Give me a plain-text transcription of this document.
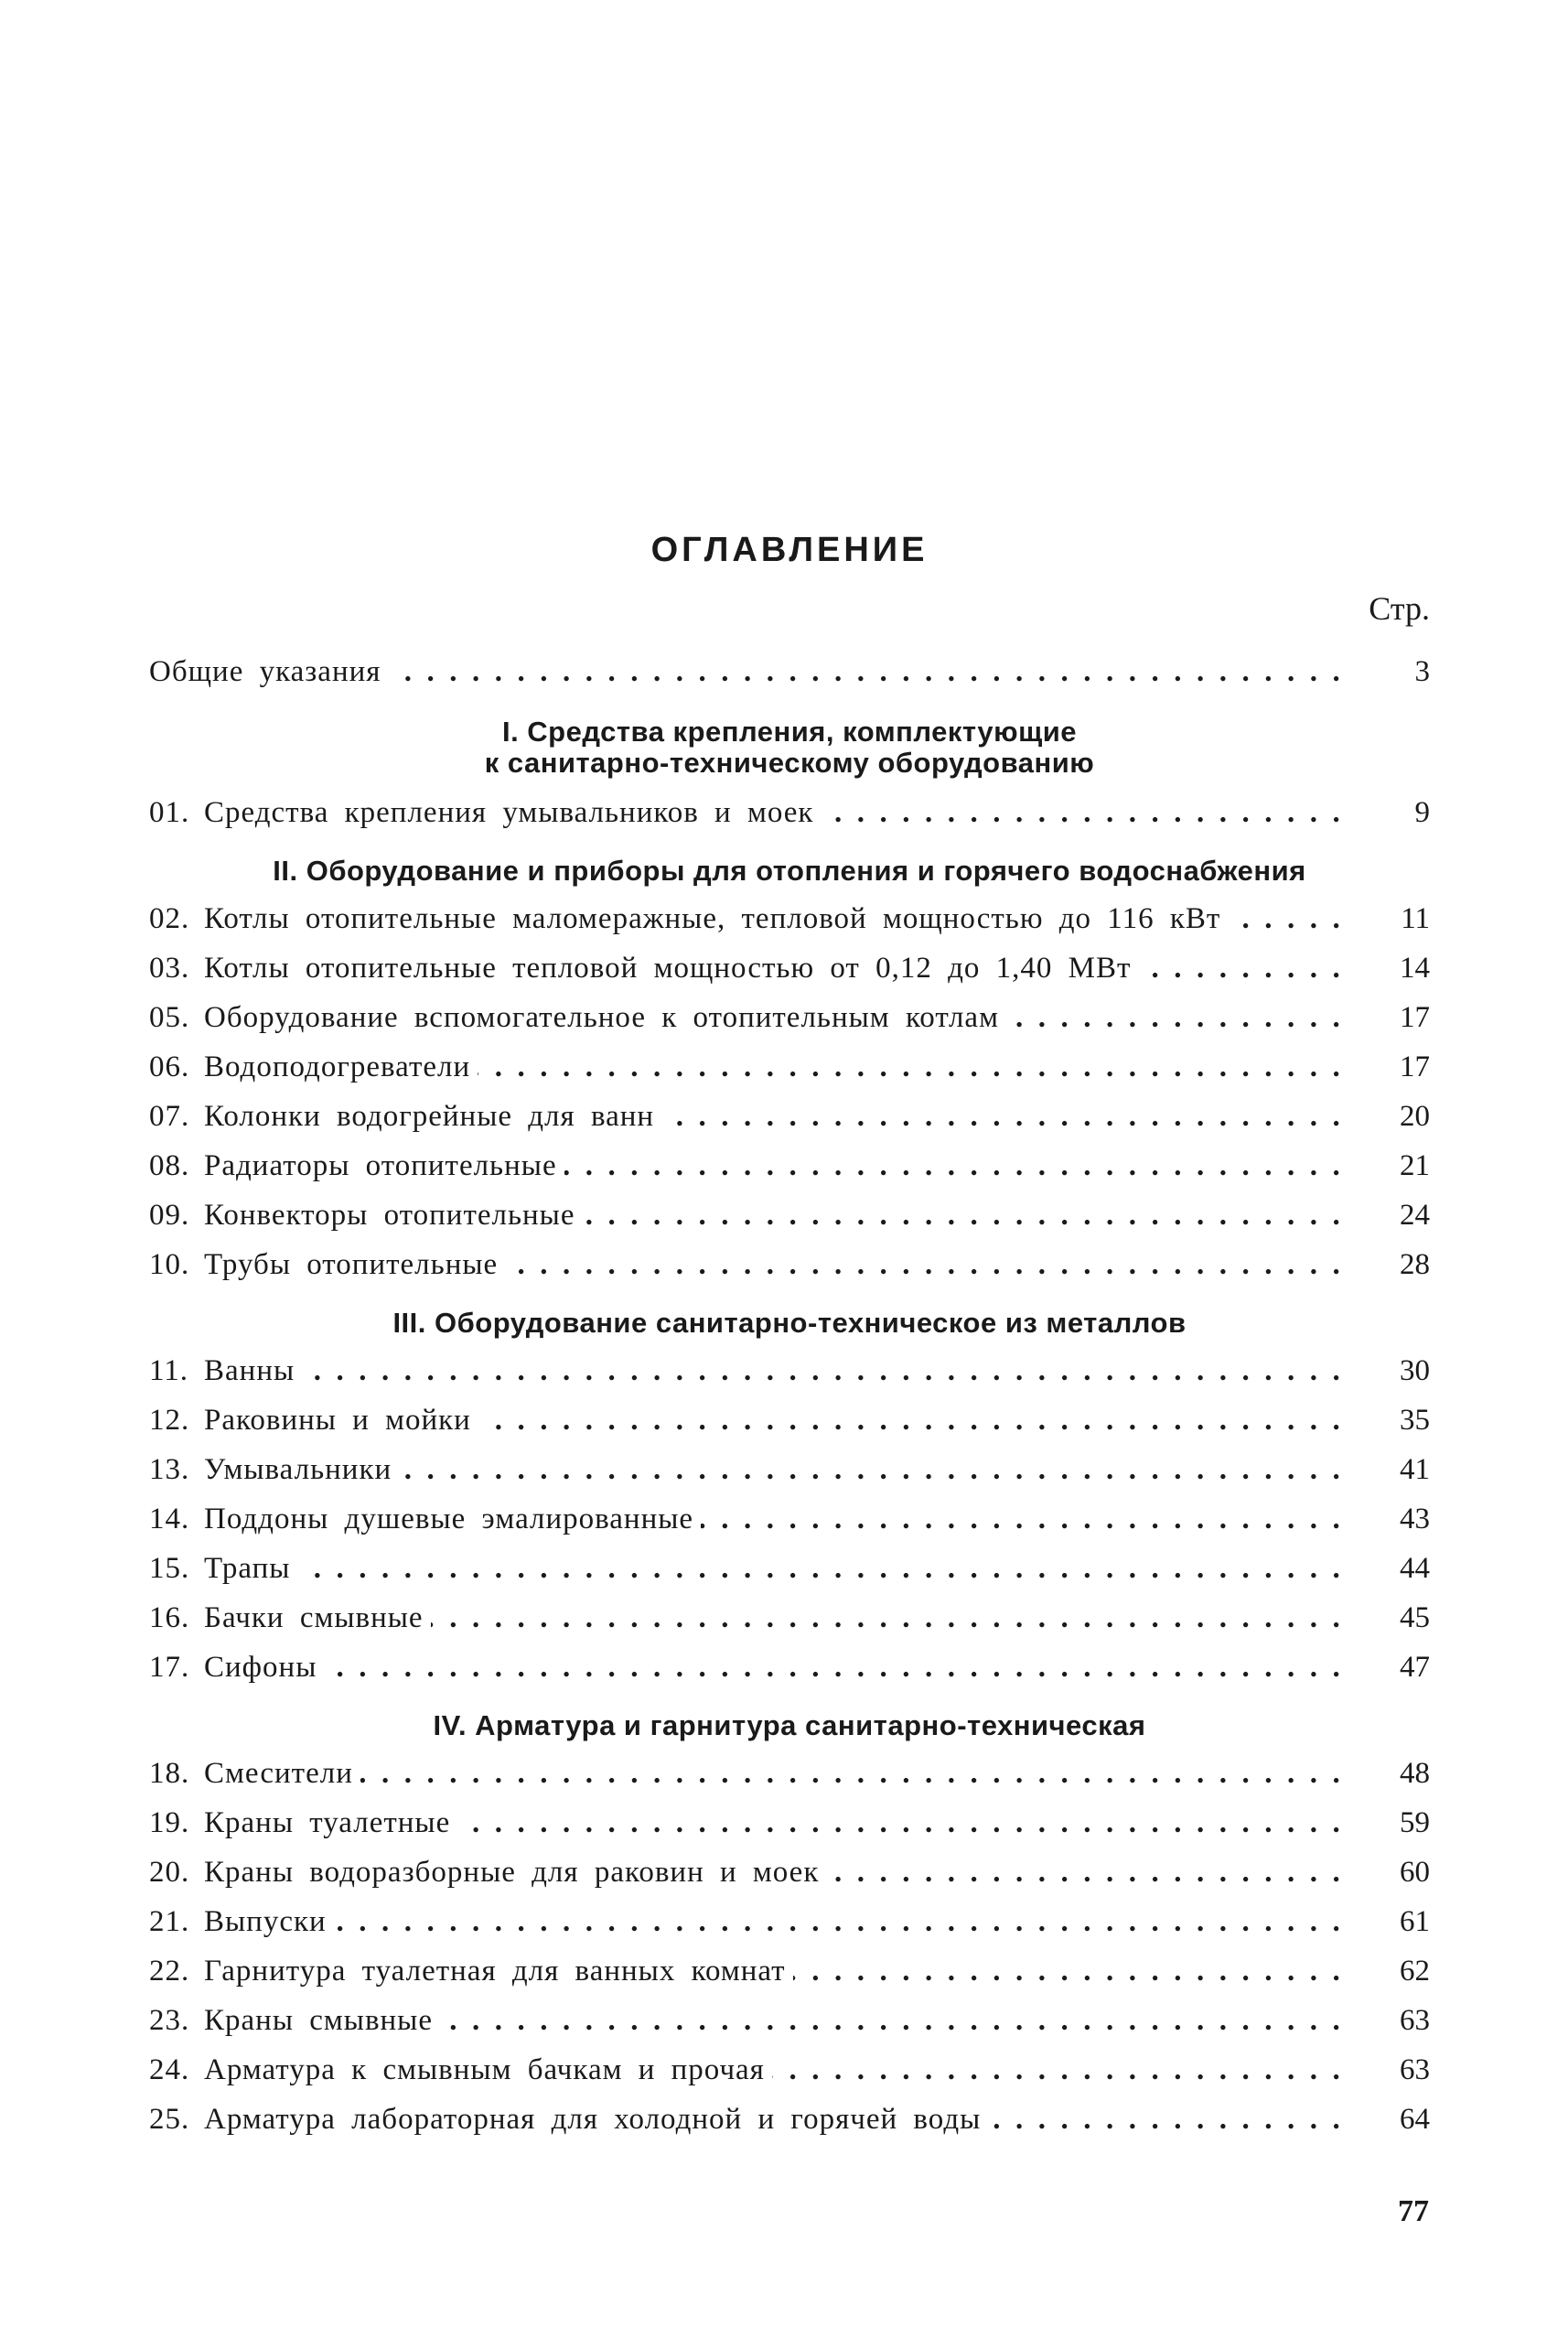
ОГЛАВЛЕНИЕ
Стр.
Общие указания . .	3
I. Средства крепления, комплектующие
к санитарно-техническому оборудованию
01. Средства крепления умывальников и моек . .	9
II. Оборудование и приборы для отопления и горячего водоснабжения
02. Котлы отопительные маломеражные, тепловой мощностью до 116 кВт . .	11
03. Котлы отопительные тепловой мощностью от 0,12 до 1,40 МВт . .	14
05. Оборудование вспомогательное к отопительным котлам . .	17
06. Водоподогреватели . .	17
07. Колонки водогрейные для ванн . .	20
08. Радиаторы отопительные . .	21
09. Конвекторы отопительные . .	24
10. Трубы отопительные . .	28
III. Оборудование санитарно-техническое из металлов
11. Ванны . .	30
12. Раковины и мойки . .	35
13. Умывальники . .	41
14. Поддоны душевые эмалированные . .	43
15. Трапы . .	44
16. Бачки смывные . .	45
17. Сифоны . .	47
IV. Арматура и гарнитура санитарно-техническая
18. Смесители . .	48
19. Краны туалетные . .	59
20. Краны водоразборные для раковин и моек . .	60
21. Выпуски . .	61
22. Гарнитура туалетная для ванных комнат . .	62
23. Краны смывные . .	63
24. Арматура к смывным бачкам и прочая . .	63
25. Арматура лабораторная для холодной и горячей воды . .	64
77
